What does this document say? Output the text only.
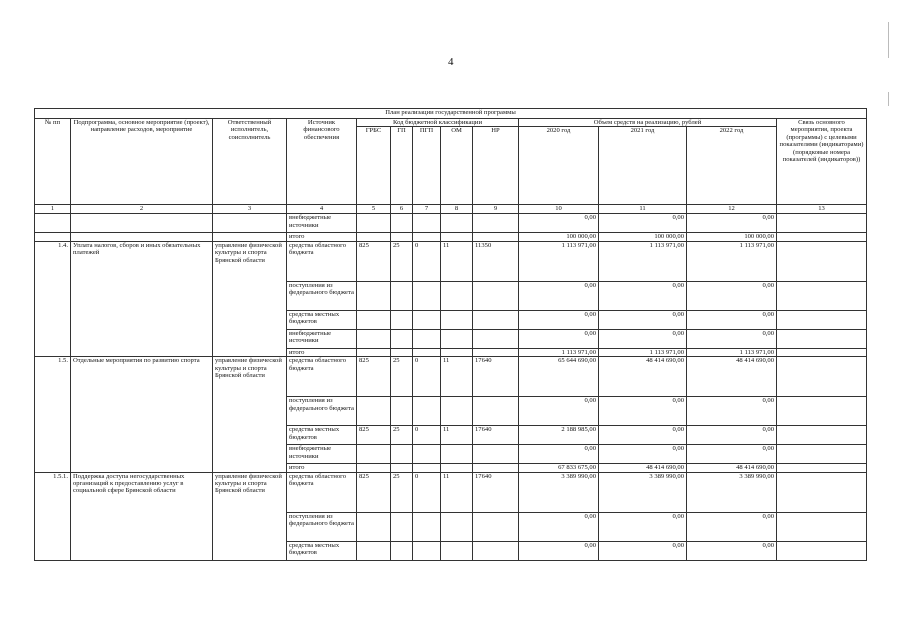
4
План реализации государственной программы												
№ пп	Подпрограмма, основное мероприятие (проект), направление расходов, мероприятие	Ответственный исполнитель, соисполнитель	Источник финансового обеспечения	Код бюджетной классификации					Объем средств на реализацию, рублей			Связь основного мероприятия, проекта (программы) с целевыми показателями (индикаторами) (порядковые номера показателей (индикаторов))
				ГРБС	ГП	ПГП	ОМ	НР	2020 год	2021 год	2022 год	
1	2	3	4	5	6	7	8	9	10	11	12	13
			внебюджетные источники						0,00	0,00	0,00	
			итого						100 000,00	100 000,00	100 000,00	
1.4.	Уплата налогов, сборов и иных обязательных платежей	управление физической культуры и спорта Брянской области	средства областного бюджета	825	25	0	11	11350	1 113 971,00	1 113 971,00	1 113 971,00	
			поступления из федерального бюджета						0,00	0,00	0,00	
			средства местных бюджетов						0,00	0,00	0,00	
			внебюджетные источники						0,00	0,00	0,00	
			итого						1 113 971,00	1 113 971,00	1 113 971,00	
1.5.	Отдельные мероприятия по развитию спорта	управление физической культуры и спорта Брянской области	средства областного бюджета	825	25	0	11	17640	65 644 690,00	48 414 690,00	48 414 690,00	
			поступления из федерального бюджета						0,00	0,00	0,00	
			средства местных бюджетов	825	25	0	11	17640	2 188 985,00	0,00	0,00	
			внебюджетные источники						0,00	0,00	0,00	
			итого						67 833 675,00	48 414 690,00	48 414 690,00	
1.5.1.	Поддержка доступа негосударственных организаций к предоставлению услуг в социальной сфере Брянской области	управление физической культуры и спорта Брянской области	средства областного бюджета	825	25	0	11	17640	3 389 990,00	3 389 990,00	3 389 990,00	
			поступления из федерального бюджета						0,00	0,00	0,00	
			средства местных бюджетов						0,00	0,00	0,00	
